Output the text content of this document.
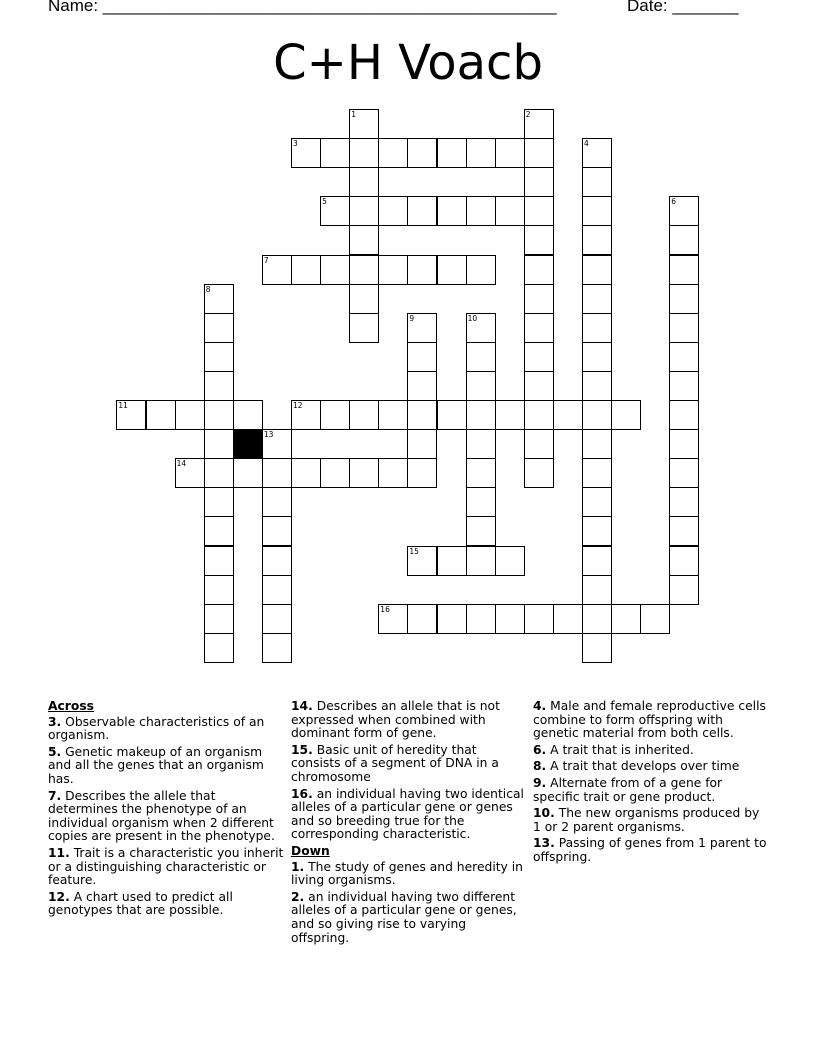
Name: ________________________________________________	Date: _______
C+H Voacb
1	2
3	4
5	6
7
8
9	10
11	12
13
14
15
16
Across
3. Observable characteristics of an organism.
5. Genetic makeup of an organism and all the genes that an organism has.
7. Describes the allele that determines the phenotype of an individual organism when 2 different copies are present in the phenotype.
11. Trait is a characteristic you inherit or a distinguishing characteristic or feature.
12. A chart used to predict all genotypes that are possible.
14. Describes an allele that is not expressed when combined with dominant form of gene.
15. Basic unit of heredity that consists of a segment of DNA in a chromosome
16. an individual having two identical alleles of a particular gene or genes and so breeding true for the corresponding characteristic.
Down
1. The study of genes and heredity in living organisms.
2. an individual having two different alleles of a particular gene or genes, and so giving rise to varying offspring.
4. Male and female reproductive cells combine to form offspring with genetic material from both cells.
6. A trait that is inherited.
8. A trait that develops over time
9. Alternate from of a gene for specific trait or gene product.
10. The new organisms produced by 1 or 2 parent organisms.
13. Passing of genes from 1 parent to offspring.
